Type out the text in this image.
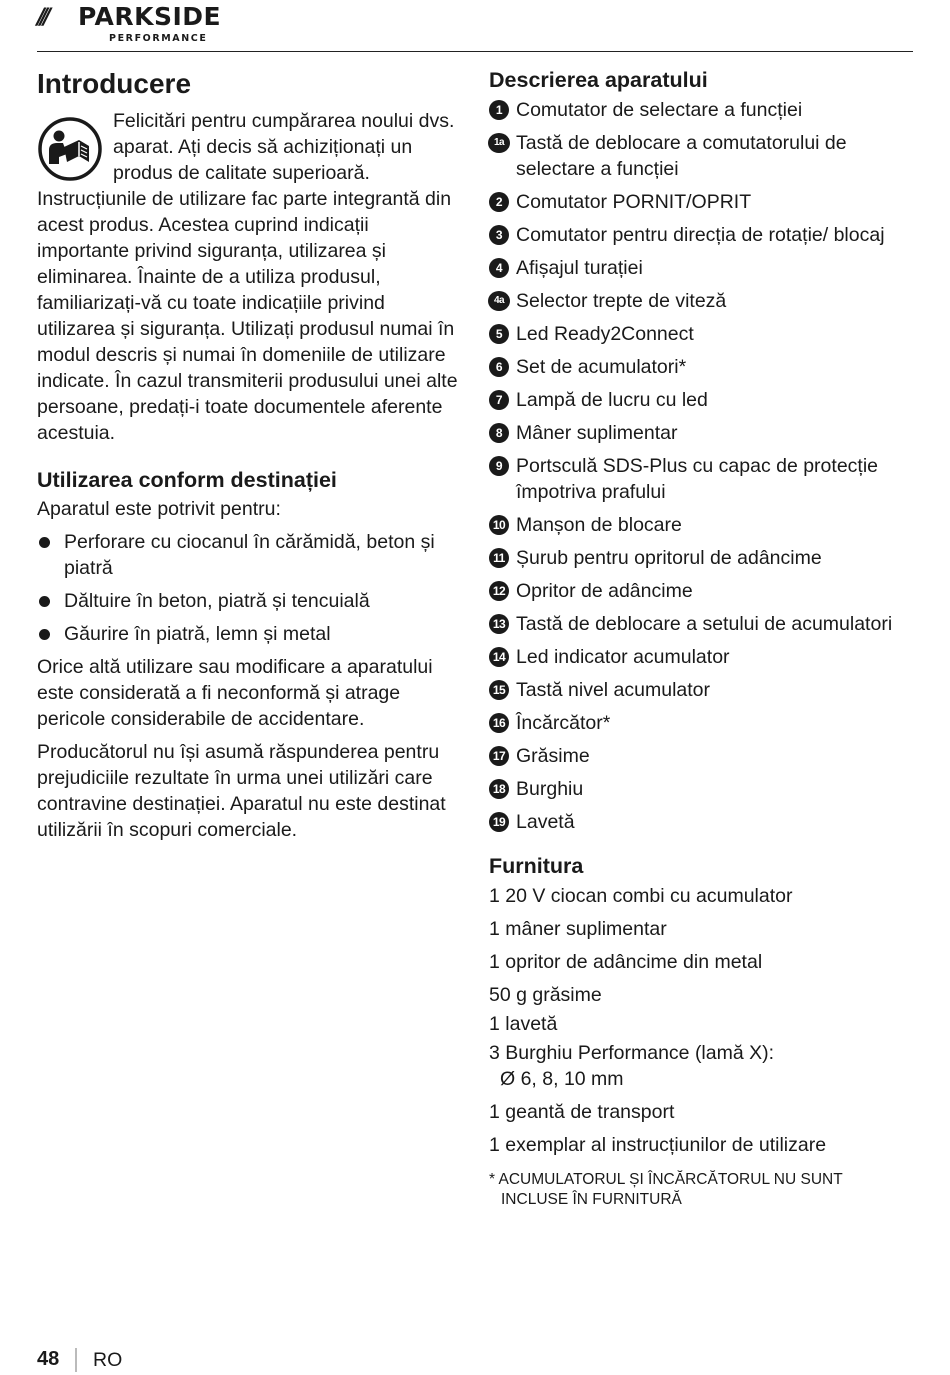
/// PARKSIDE
PERFORMANCE
Introducere

Felicitări pentru cumpărarea noului dvs. aparat. Ați decis să achiziționați un produs de calitate superioară.

Instrucțiunile de utilizare fac parte integrantă din acest produs. Acestea cuprind indicații importante privind siguranța, utilizarea și eliminarea. Înainte de a utiliza produsul, familiarizați-vă cu toate indicațiile privind utilizarea și siguranța. Utilizați produsul numai în modul descris și numai în domeniile de utilizare indicate. În cazul transmiterii produsului unei alte persoane, predați-i toate documentele aferente acestuia.

Utilizarea conform destinației

Aparatul este potrivit pentru:

Perforare cu ciocanul în cărămidă, beton și piatră
Dăltuire în beton, piatră și tencuială
Găurire în piatră, lemn și metal

Orice altă utilizare sau modificare a aparatului este considerată a fi neconformă și atrage pericole considerabile de accidentare.

Producătorul nu își asumă răspunderea pentru prejudiciile rezultate în urma unei utilizări care contravine destinației. Aparatul nu este destinat utilizării în scopuri comerciale.

Descrierea aparatului
1 Comutator de selectare a funcției
1a Tastă de deblocare a comutatorului de selectare a funcției
2 Comutator PORNIT/OPRIT
3 Comutator pentru direcția de rotație/ blocaj
4 Afișajul turației
4a Selector trepte de viteză
5 Led Ready2Connect
6 Set de acumulatori*
7 Lampă de lucru cu led
8 Mâner suplimentar
9 Portsculă SDS-Plus cu capac de protecție împotriva prafului
10 Manșon de blocare
11 Șurub pentru opritorul de adâncime
12 Opritor de adâncime
13 Tastă de deblocare a setului de acumulatori
14 Led indicator acumulator
15 Tastă nivel acumulator
16 Încărcător*
17 Grăsime
18 Burghiu
19 Lavetă
Furnitura

1 20 V ciocan combi cu acumulator

1 mâner suplimentar

1 opritor de adâncime din metal

50 g grăsime

1 lavetă

3 Burghiu Performance (lamă X):
Ø 6, 8, 10 mm

1 geantă de transport

1 exemplar al instrucțiunilor de utilizare

* ACUMULATORUL ȘI ÎNCĂRCĂTORUL NU SUNT INCLUSE ÎN FURNITURĂ

48 RO
